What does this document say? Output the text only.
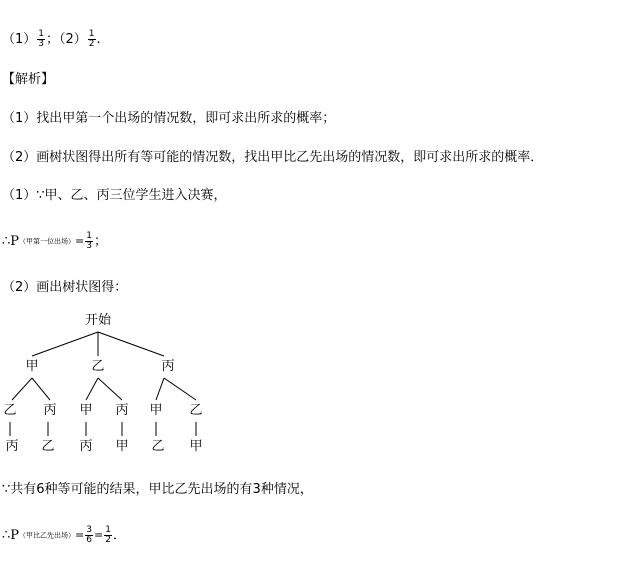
$(1) \frac{1}{3}$ ；$(2) \frac{1}{2}$ .
【解析】
（1）找出甲第一个出场的情况数，即可求出所求的概率；
（2）画树状图得出所有等可能的情况数，找出甲比乙先出场的情况数，即可求出所求的概率．
（1）∵甲、乙、丙三位学生进入决赛，
∴P（甲第一位出场）= $\frac{1}{3}$ ；
（2）画出树状图得：
开始
甲	乙	丙
乙 丙 甲 丙 甲 乙
丙 乙 丙 甲 乙 甲
∵共有6种等可能的结果，甲比乙先出场的有3种情况，
∴P（甲比乙先出场）= $\frac{3}{6} = \frac{1}{2}$ ．
